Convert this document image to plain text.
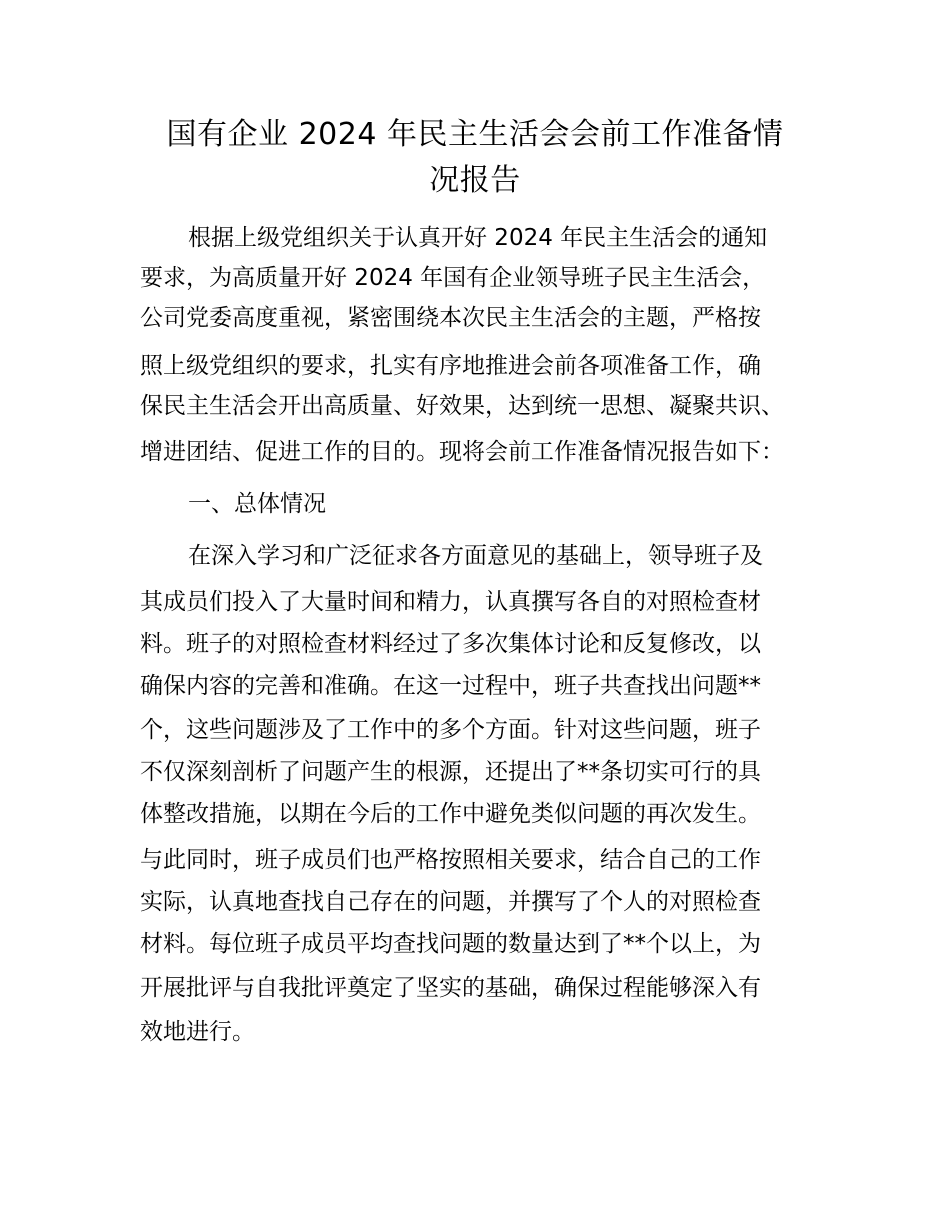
国有企业 2024 年民主生活会会前工作准备情
况报告
根据上级党组织关于认真开好 2024 年民主生活会的通知
要求，为高质量开好 2024 年国有企业领导班子民主生活会，
公司党委高度重视，紧密围绕本次民主生活会的主题，严格按
照上级党组织的要求，扎实有序地推进会前各项准备工作，确
保民主生活会开出高质量、好效果，达到统一思想、凝聚共识、
增进团结、促进工作的目的。现将会前工作准备情况报告如下：
一、总体情况
在深入学习和广泛征求各方面意见的基础上，领导班子及
其成员们投入了大量时间和精力，认真撰写各自的对照检查材
料。班子的对照检查材料经过了多次集体讨论和反复修改，以
确保内容的完善和准确。在这一过程中，班子共查找出问题**
个，这些问题涉及了工作中的多个方面。针对这些问题，班子
不仅深刻剖析了问题产生的根源，还提出了**条切实可行的具
体整改措施，以期在今后的工作中避免类似问题的再次发生。
与此同时，班子成员们也严格按照相关要求，结合自己的工作
实际，认真地查找自己存在的问题，并撰写了个人的对照检查
材料。每位班子成员平均查找问题的数量达到了**个以上，为
开展批评与自我批评奠定了坚实的基础，确保过程能够深入有
效地进行。
